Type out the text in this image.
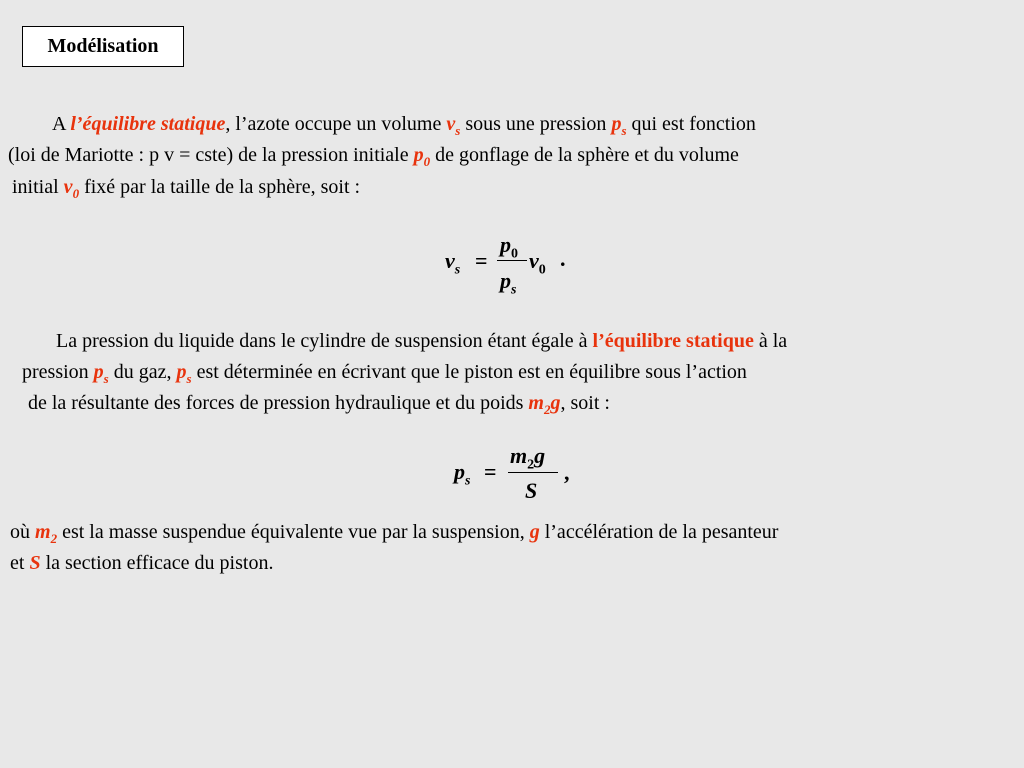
Modélisation
A l’équilibre statique, l’azote occupe un volume $v_s$ sous une pression $p_s$ qui est fonction
(loi de Mariotte : p v = cste) de la pression initiale $p_0$ de gonflage de la sphère et du volume
initial $v_0$ fixé par la taille de la sphère, soit :
$v_s$ =
$p_0$
$p_s$
$v_0$ .
La pression du liquide dans le cylindre de suspension étant égale à l’équilibre statique à la
pression $p_s$ du gaz, $p_s$ est déterminée en écrivant que le piston est en équilibre sous l’action
de la résultante des forces de pression hydraulique et du poids $m_2g$, soit :
$p_s$ =
$m_2g$
S
,
où $m_2$ est la masse suspendue équivalente vue par la suspension, g l’accélération de la pesanteur
et S la section efficace du piston.
